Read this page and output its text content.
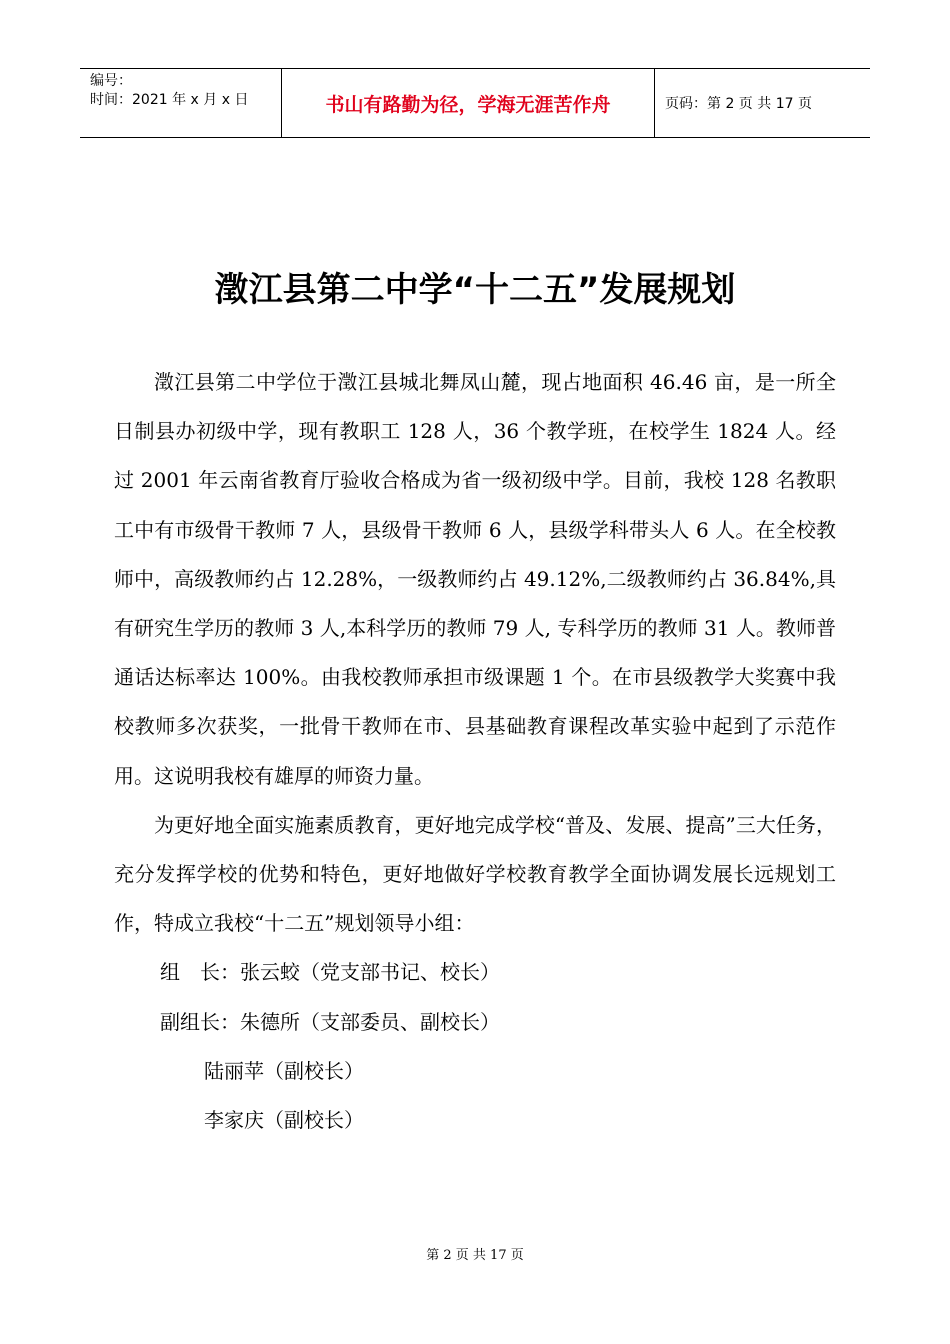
编号：
时间：2021 年 x 月 x 日	书山有路勤为径，学海无涯苦作舟	页码：第 2 页 共 17 页
澂江县第二中学“十二五”发展规划

澂江县第二中学位于澂江县城北舞凤山麓，现占地面积 46.46 亩，是一所全日制县办初级中学，现有教职工 128 人，36 个教学班，在校学生 1824 人。经过 2001 年云南省教育厅验收合格成为省一级初级中学。目前，我校 128 名教职工中有市级骨干教师 7 人，县级骨干教师 6 人，县级学科带头人 6 人。在全校教师中，高级教师约占 12.28%，一级教师约占 49.12%,二级教师约占 36.84%,具有研究生学历的教师 3 人,本科学历的教师 79 人, 专科学历的教师 31 人。教师普通话达标率达 100%。由我校教师承担市级课题 1 个。在市县级教学大奖赛中我校教师多次获奖，一批骨干教师在市、县基础教育课程改革实验中起到了示范作用。这说明我校有雄厚的师资力量。

为更好地全面实施素质教育，更好地完成学校“普及、发展、提高”三大任务，充分发挥学校的优势和特色，更好地做好学校教育教学全面协调发展长远规划工作，特成立我校“十二五”规划领导小组：

组　长：张云蛟（党支部书记、校长）
副组长：朱德所（支部委员、副校长）
陆丽苹（副校长）
李家庆（副校长）
第 2 页 共 17 页
